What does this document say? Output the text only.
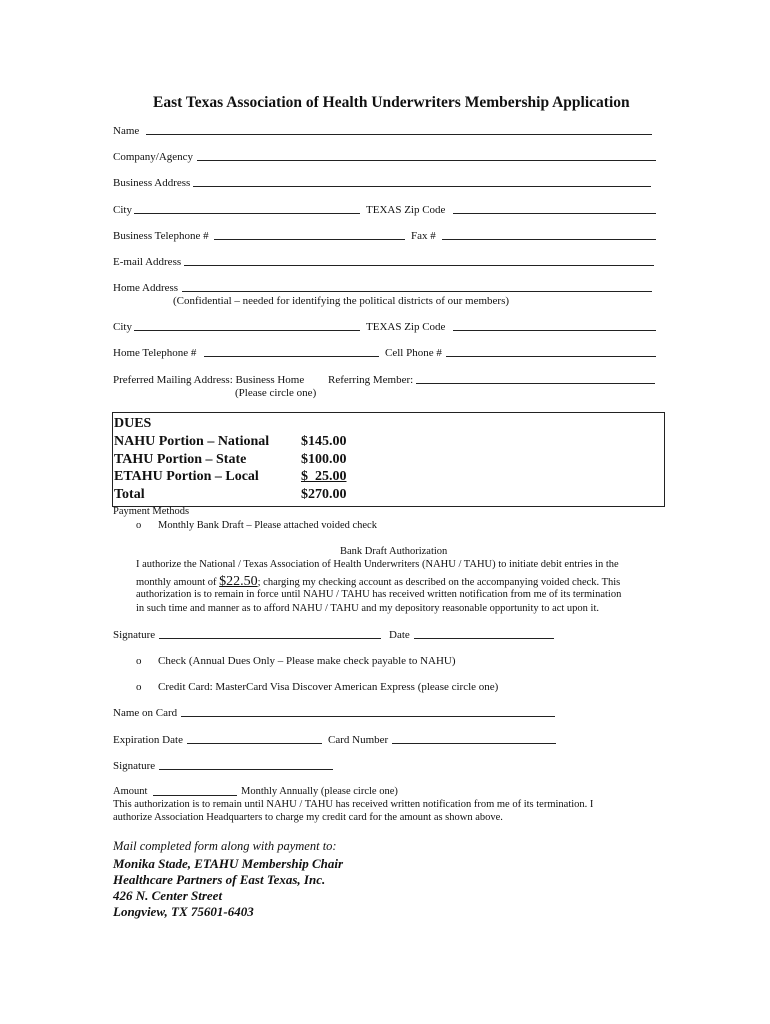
East Texas Association of Health Underwriters Membership Application
Name
Company/Agency
Business Address
City	TEXAS Zip Code
Business Telephone #	Fax #
E-mail Address
Home Address
(Confidential – needed for identifying the political districts of our members)
City	TEXAS Zip Code
Home Telephone #	Cell Phone #
Preferred Mailing Address: Business Home Referring Member:
(Please circle one)
DUES
NAHU Portion – National $145.00
TAHU Portion – State	$100.00
ETAHU Portion – Local	$  25.00
Total	$270.00
Payment Methods
o Monthly Bank Draft – Please attached voided check
Bank Draft Authorization
I authorize the National / Texas Association of Health Underwriters (NAHU / TAHU) to initiate debit entries in the
monthly amount of $22.50; charging my checking account as described on the accompanying voided check. This
authorization is to remain in force until NAHU / TAHU has received written notification from me of its termination
in such time and manner as to afford NAHU / TAHU and my depository reasonable opportunity to act upon it.
Signature	Date
o Check (Annual Dues Only – Please make check payable to NAHU)
o Credit Card: MasterCard Visa Discover American Express (please circle one)
Name on Card
Expiration Date	Card Number
Signature
Amount	Monthly Annually (please circle one)
This authorization is to remain until NAHU / TAHU has received written notification from me of its termination. I
authorize Association Headquarters to charge my credit card for the amount as shown above.
Mail completed form along with payment to:
Monika Stade, ETAHU Membership Chair
Healthcare Partners of East Texas, Inc.
426 N. Center Street
Longview, TX 75601-6403
